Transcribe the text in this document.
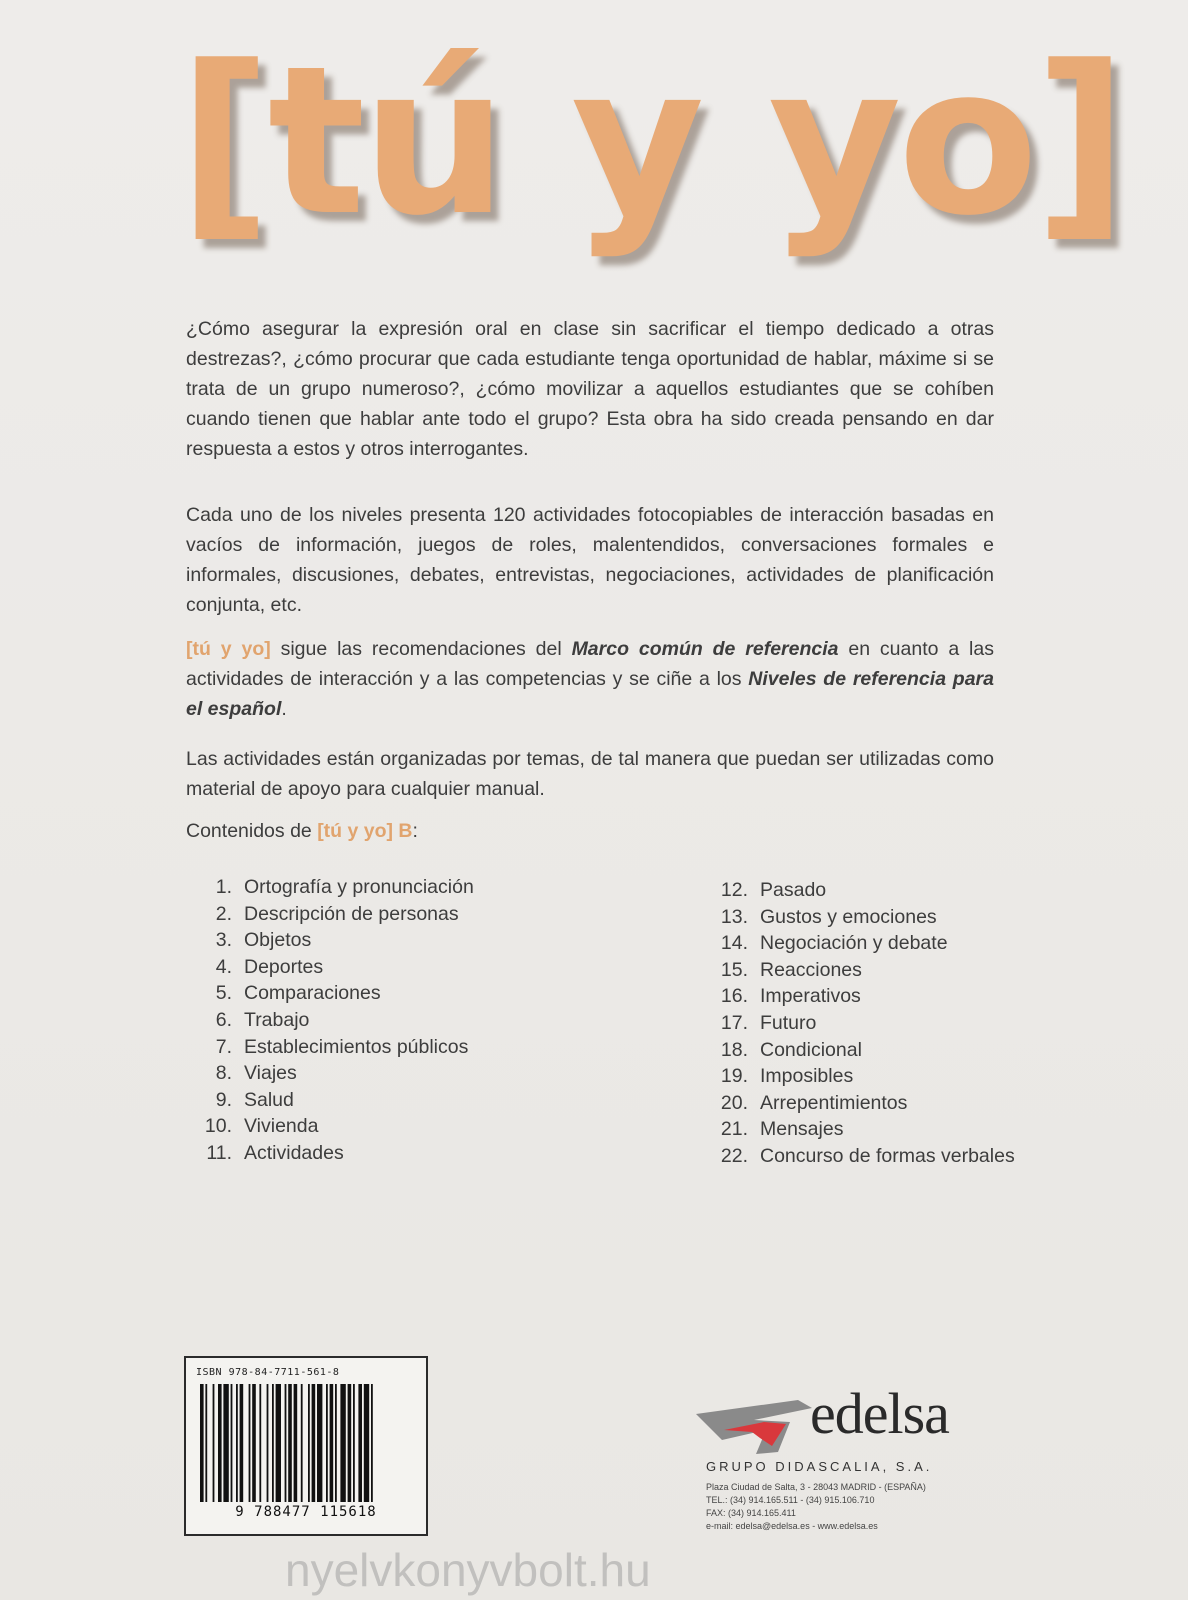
[tú y yo]

¿Cómo asegurar la expresión oral en clase sin sacrificar el tiempo dedicado a otras destrezas?, ¿cómo procurar que cada estudiante tenga oportunidad de hablar, máxime si se trata de un grupo numeroso?, ¿cómo movilizar a aquellos estudiantes que se cohíben cuando tienen que hablar ante todo el grupo? Esta obra ha sido creada pensando en dar respuesta a estos y otros interrogantes.

Cada uno de los niveles presenta 120 actividades fotocopiables de interacción basadas en vacíos de información, juegos de roles, malentendidos, conversaciones formales e informales, discusiones, debates, entrevistas, negociaciones, actividades de planificación conjunta, etc.

[tú y yo] sigue las recomendaciones del Marco común de referencia en cuanto a las actividades de interacción y a las competencias y se ciñe a los Niveles de referencia para el español.

Las actividades están organizadas por temas, de tal manera que puedan ser utilizadas como material de apoyo para cualquier manual.

Contenidos de [tú y yo] B:
1. Ortografía y pronunciación
2. Descripción de personas
3. Objetos
4. Deportes
5. Comparaciones
6. Trabajo
7. Establecimientos públicos
8. Viajes
9. Salud
10. Vivienda
11. Actividades
12. Pasado
13. Gustos y emociones
14. Negociación y debate
15. Reacciones
16. Imperativos
17. Futuro
18. Condicional
19. Imposibles
20. Arrepentimientos
21. Mensajes
22. Concurso de formas verbales
ISBN 978-84-7711-561-8
9 788477 115618
edelsa
GRUPO DIDASCALIA, S.A.
Plaza Ciudad de Salta, 3 - 28043 MADRID - (ESPAÑA)
TEL.: (34) 914.165.511 - (34) 915.106.710
FAX: (34) 914.165.411
e-mail: edelsa@edelsa.es - www.edelsa.es
nyelvkonyvbolt.hu
